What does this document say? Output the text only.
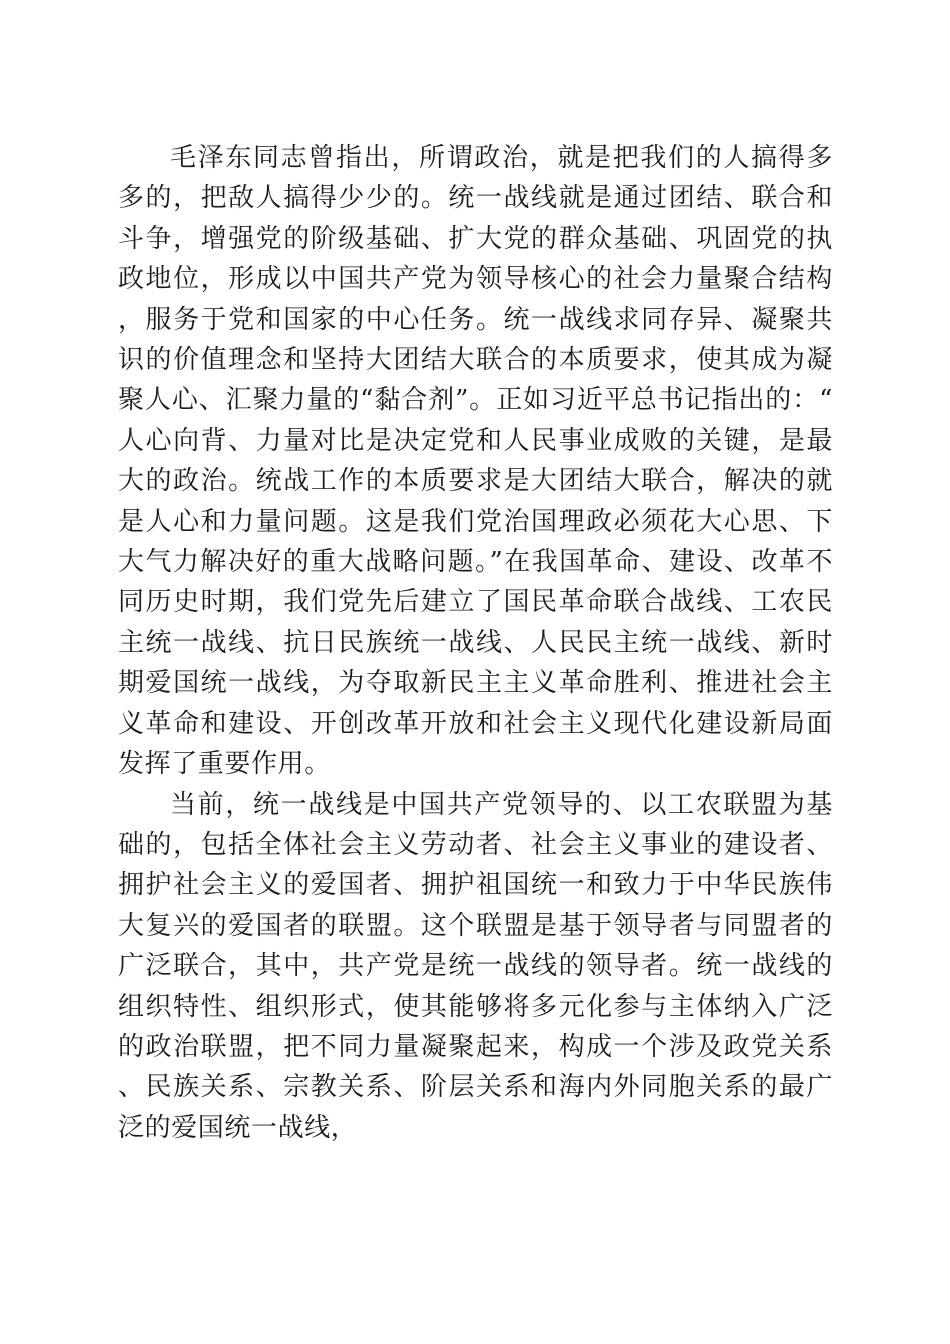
毛泽东同志曾指出，所谓政治，就是把我们的人搞得多多的，把敌人搞得少少的。统一战线就是通过团结、联合和斗争，增强党的阶级基础、扩大党的群众基础、巩固党的执政地位，形成以中国共产党为领导核心的社会力量聚合结构，服务于党和国家的中心任务。统一战线求同存异、凝聚共识的价值理念和坚持大团结大联合的本质要求，使其成为凝聚人心、汇聚力量的“黏合剂”。正如习近平总书记指出的：“人心向背、力量对比是决定党和人民事业成败的关键，是最大的政治。统战工作的本质要求是大团结大联合，解决的就是人心和力量问题。这是我们党治国理政必须花大心思、下大气力解决好的重大战略问题。”在我国革命、建设、改革不同历史时期，我们党先后建立了国民革命联合战线、工农民主统一战线、抗日民族统一战线、人民民主统一战线、新时期爱国统一战线，为夺取新民主主义革命胜利、推进社会主义革命和建设、开创改革开放和社会主义现代化建设新局面发挥了重要作用。

当前，统一战线是中国共产党领导的、以工农联盟为基础的，包括全体社会主义劳动者、社会主义事业的建设者、拥护社会主义的爱国者、拥护祖国统一和致力于中华民族伟大复兴的爱国者的联盟。这个联盟是基于领导者与同盟者的广泛联合，其中，共产党是统一战线的领导者。统一战线的组织特性、组织形式，使其能够将多元化参与主体纳入广泛的政治联盟，把不同力量凝聚起来，构成一个涉及政党关系、民族关系、宗教关系、阶层关系和海内外同胞关系的最广泛的爱国统一战线，
